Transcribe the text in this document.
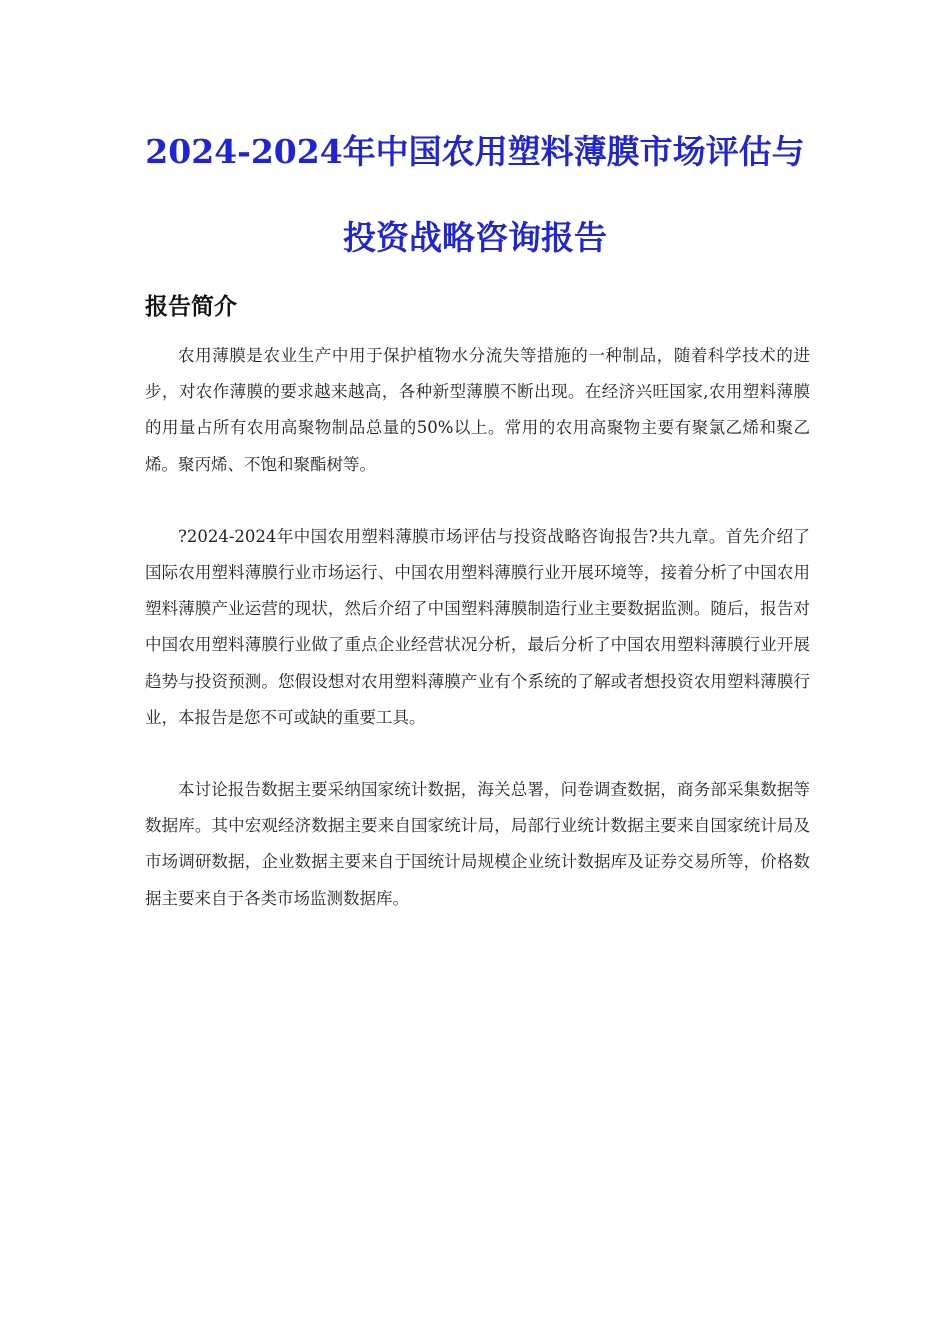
2024-2024年中国农用塑料薄膜市场评估与
投资战略咨询报告
报告简介

农用薄膜是农业生产中用于保护植物水分流失等措施的一种制品，随着科学技术的进步，对农作薄膜的要求越来越高，各种新型薄膜不断出现。在经济兴旺国家,农用塑料薄膜的用量占所有农用高聚物制品总量的50%以上。常用的农用高聚物主要有聚氯乙烯和聚乙烯。聚丙烯、不饱和聚酯树等。

?2024-2024年中国农用塑料薄膜市场评估与投资战略咨询报告?共九章。首先介绍了国际农用塑料薄膜行业市场运行、中国农用塑料薄膜行业开展环境等，接着分析了中国农用塑料薄膜产业运营的现状，然后介绍了中国塑料薄膜制造行业主要数据监测。随后，报告对中国农用塑料薄膜行业做了重点企业经营状况分析，最后分析了中国农用塑料薄膜行业开展趋势与投资预测。您假设想对农用塑料薄膜产业有个系统的了解或者想投资农用塑料薄膜行业，本报告是您不可或缺的重要工具。

本讨论报告数据主要采纳国家统计数据，海关总署，问卷调查数据，商务部采集数据等数据库。其中宏观经济数据主要来自国家统计局，局部行业统计数据主要来自国家统计局及市场调研数据，企业数据主要来自于国统计局规模企业统计数据库及证券交易所等，价格数据主要来自于各类市场监测数据库。
